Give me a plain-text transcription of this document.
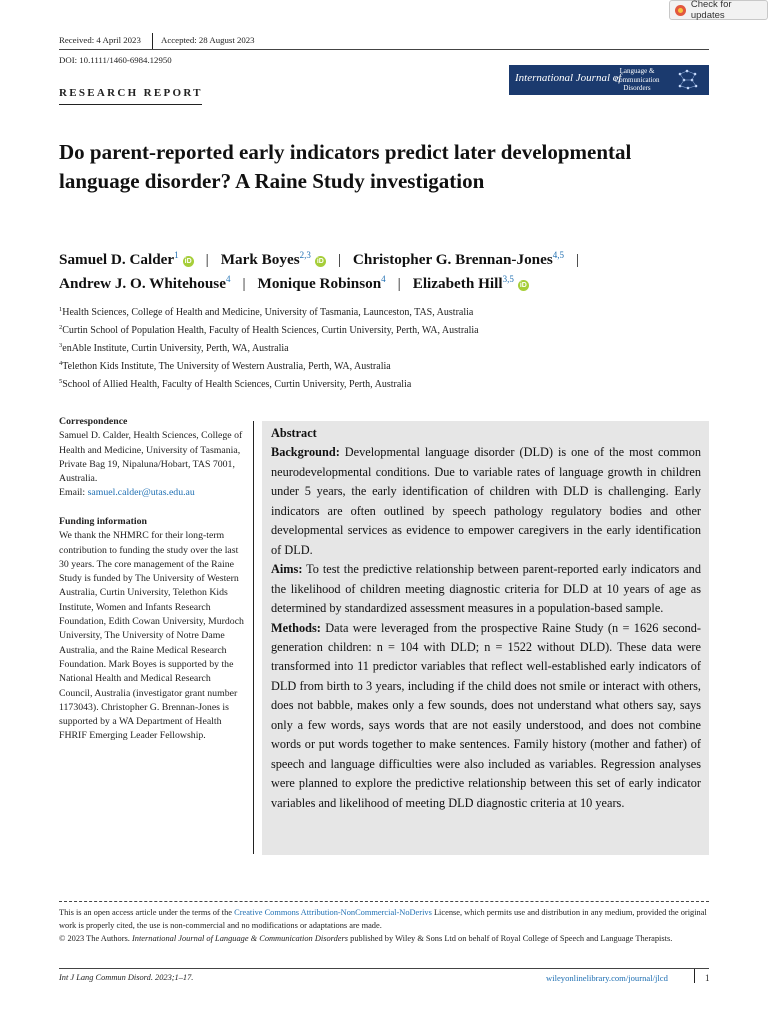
Check for updates
Received: 4 April 2023 Accepted: 28 August 2023
DOI: 10.1111/1460-6984.12950
RESEARCH REPORT
International Journal of
Language &
Communication
Disorders
Do parent-reported early indicators predict later developmental language disorder? A Raine Study investigation
Samuel D. Calder$^1$iD | Mark Boyes$^{2,3}$iD | Christopher G. Brennan-Jones$^{4,5}$ |
Andrew J. O. Whitehouse$^4$ | Monique Robinson$^4$ | Elizabeth Hill$^{3,5}$iD
$^1$Health Sciences, College of Health and Medicine, University of Tasmania, Launceston, TAS, Australia
$^2$Curtin School of Population Health, Faculty of Health Sciences, Curtin University, Perth, WA, Australia
$^3$enAble Institute, Curtin University, Perth, WA, Australia
$^4$Telethon Kids Institute, The University of Western Australia, Perth, WA, Australia
$^5$School of Allied Health, Faculty of Health Sciences, Curtin University, Perth, Australia
Correspondence
Samuel D. Calder, Health Sciences, College of Health and Medicine, University of Tasmania, Private Bag 19, Nipaluna/Hobart, TAS 7001, Australia.
Email: samuel.calder@utas.edu.au
Funding information
We thank the NHMRC for their long-term contribution to funding the study over the last 30 years. The core management of the Raine Study is funded by The University of Western Australia, Curtin University, Telethon Kids Institute, Women and Infants Research Foundation, Edith Cowan University, Murdoch University, The University of Notre Dame Australia, and the Raine Medical Research Foundation. Mark Boyes is supported by the National Health and Medical Research Council, Australia (investigator grant number 1173043). Christopher G. Brennan-Jones is supported by a WA Department of Health FHRIF Emerging Leader Fellowship.

Abstract

Background: Developmental language disorder (DLD) is one of the most common neurodevelopmental conditions. Due to variable rates of language growth in children under 5 years, the early identification of children with DLD is challenging. Early indicators are often outlined by speech pathology regulatory bodies and other developmental services as evidence to empower caregivers in the early identification of DLD.

Aims: To test the predictive relationship between parent-reported early indicators and the likelihood of children meeting diagnostic criteria for DLD at 10 years of age as determined by standardized assessment measures in a population-based sample.

Methods: Data were leveraged from the prospective Raine Study (n = 1626 second-generation children: n = 104 with DLD; n = 1522 without DLD). These data were transformed into 11 predictor variables that reflect well-established early indicators of DLD from birth to 3 years, including if the child does not smile or interact with others, does not babble, makes only a few sounds, does not understand what others say, says only a few words, says words that are not easily understood, and does not combine words or put words together to make sentences. Family history (mother and father) of speech and language difficulties were also included as variables. Regression analyses were planned to explore the predictive relationship between this set of early indicator variables and likelihood of meeting DLD diagnostic criteria at 10 years.

This is an open access article under the terms of the Creative Commons Attribution-NonCommercial-NoDerivs License, which permits use and distribution in any medium, provided the original work is properly cited, the use is non-commercial and no modifications or adaptations are made.
© 2023 The Authors. International Journal of Language & Communication Disorders published by Wiley & Sons Ltd on behalf of Royal College of Speech and Language Therapists.
Int J Lang Commun Disord. 2023;1–17.	wileyonlinelibrary.com/journal/jlcd	1
